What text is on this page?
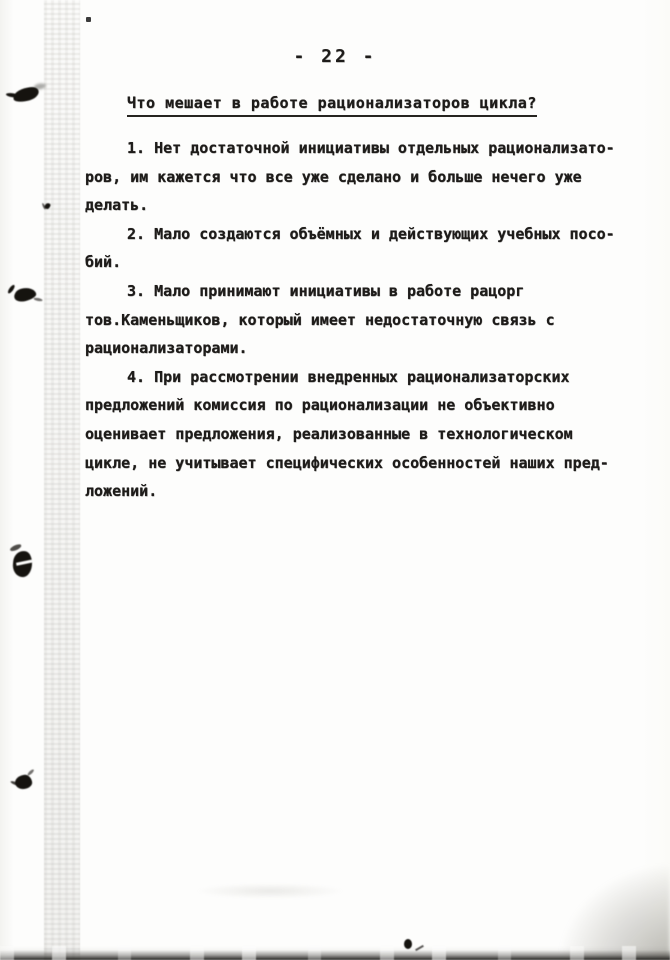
- 22 -
Что мешает в работе рационализаторов цикла?

1. Нет достаточной инициативы отдельных рационализато-
ров, им кажется что все уже сделано и больше нечего уже
делать.

2. Мало создаются объёмных и действующих учебных посо-
бий.

3. Мало принимают инициативы в работе рацорг
тов.Каменьщиков, который имеет недостаточную связь с
рационализаторами.

4. При рассмотрении внедренных рационализаторских
предложений комиссия по рационализации не объективно
оценивает предложения, реализованные в технологическом
цикле, не учитывает специфических особенностей наших пред-
ложений.
